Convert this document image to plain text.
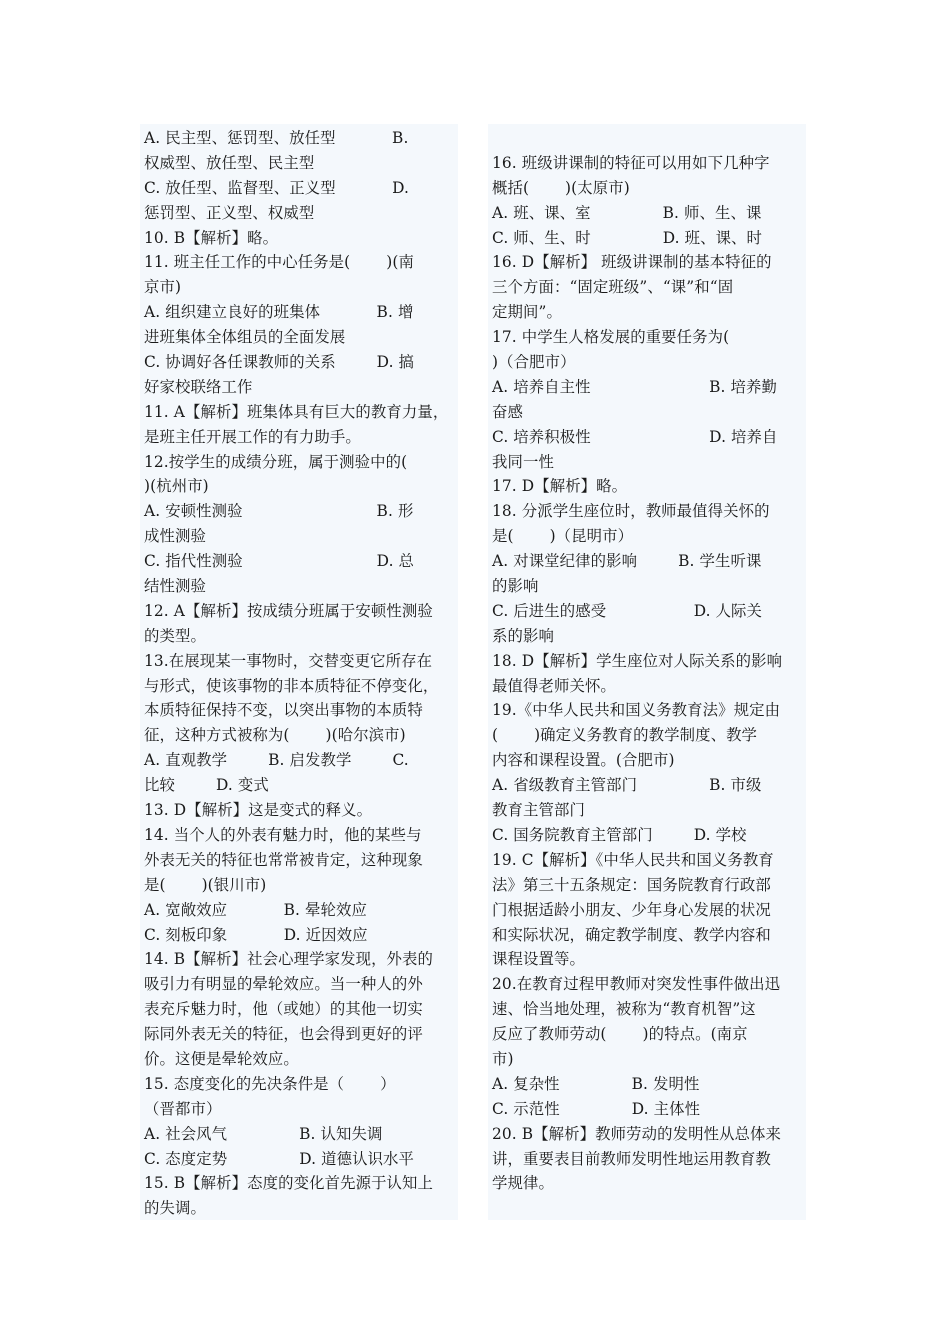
A. 民主型、惩罚型、放任型 　　　 B.
权威型、放任型、民主型
C. 放任型、监督型、正义型 　　　 D.
惩罚型、正义型、权威型
10. B【解析】略。
11. 班主任工作的中心任务是(　　 )(南
京市)
A. 组织建立良好的班集体 　　　 B. 增
进班集体全体组员的全面发展
C. 协调好各任课教师的关系 　　 D. 搞
好家校联络工作
11. A【解析】班集体具有巨大的教育力量，
是班主任开展工作的有力助手。
12.按学生的成绩分班，属于测验中的(
)(杭州市)
A. 安顿性测验 　　　　　　　　 B. 形
成性测验
C. 指代性测验 　　　　　　　　 D. 总
结性测验
12. A【解析】按成绩分班属于安顿性测验
的类型。
13.在展现某一事物时，交替变更它所存在
与形式，使该事物的非本质特征不停变化，
本质特征保持不变，以突出事物的本质特
征，这种方式被称为(　　 )(哈尔滨市)
A. 直观教学 　　 B. 启发教学 　　 C.
比较 　　 D. 变式
13. D【解析】这是变式的释义。
14. 当个人的外表有魅力时，他的某些与
外表无关的特征也常常被肯定，这种现象
是(　　 )(银川市)
A. 宽敞效应 　　　 B. 晕轮效应
C. 刻板印象 　　　 D. 近因效应
14. B【解析】社会心理学家发现，外表的
吸引力有明显的晕轮效应。当一种人的外
表充斥魅力时，他（或她）的其他一切实
际同外表无关的特征，也会得到更好的评
价。这便是晕轮效应。
15. 态度变化的先决条件是（　　 ）
（晋都市）
A. 社会风气 　　　　 B. 认知失调
C. 态度定势 　　　　 D. 道德认识水平
15. B【解析】态度的变化首先源于认知上
的失调。
16. 班级讲课制的特征可以用如下几种字
概括(　　 )(太原市)
A. 班、课、室 　　　　 B. 师、生、课
C. 师、生、时 　　　　 D. 班、课、时
16. D【解析】 班级讲课制的基本特征的
三个方面：“固定班级”、“课”和“固
定期间”。
17. 中学生人格发展的重要任务为(
)（合肥市）
A. 培养自主性 　　　　　　　 B. 培养勤
奋感
C. 培养积极性 　　　　　　　 D. 培养自
我同一性
17. D【解析】略。
18. 分派学生座位时，教师最值得关怀的
是(　　 )（昆明市）
A. 对课堂纪律的影响 　　 B. 学生听课
的影响
C. 后进生的感受 　　　　　 D. 人际关
系的影响
18. D【解析】学生座位对人际关系的影响
最值得老师关怀。
19.《中华人民共和国义务教育法》规定由
(　　 )确定义务教育的教学制度、教学
内容和课程设置。(合肥市)
A. 省级教育主管部门 　　　　 B. 市级
教育主管部门
C. 国务院教育主管部门 　　 D. 学校
19. C【解析】《中华人民共和国义务教育
法》第三十五条规定：国务院教育行政部
门根据适龄小朋友、少年身心发展的状况
和实际状况，确定教学制度、教学内容和
课程设置等。
20.在教育过程甲教师对突发性事件做出迅
速、恰当地处理，被称为“教育机智”这
反应了教师劳动(　　 )的特点。(南京
市)
A. 复杂性 　　　　 B. 发明性
C. 示范性 　　　　 D. 主体性
20. B【解析】教师劳动的发明性从总体来
讲，重要表目前教师发明性地运用教育教
学规律。
